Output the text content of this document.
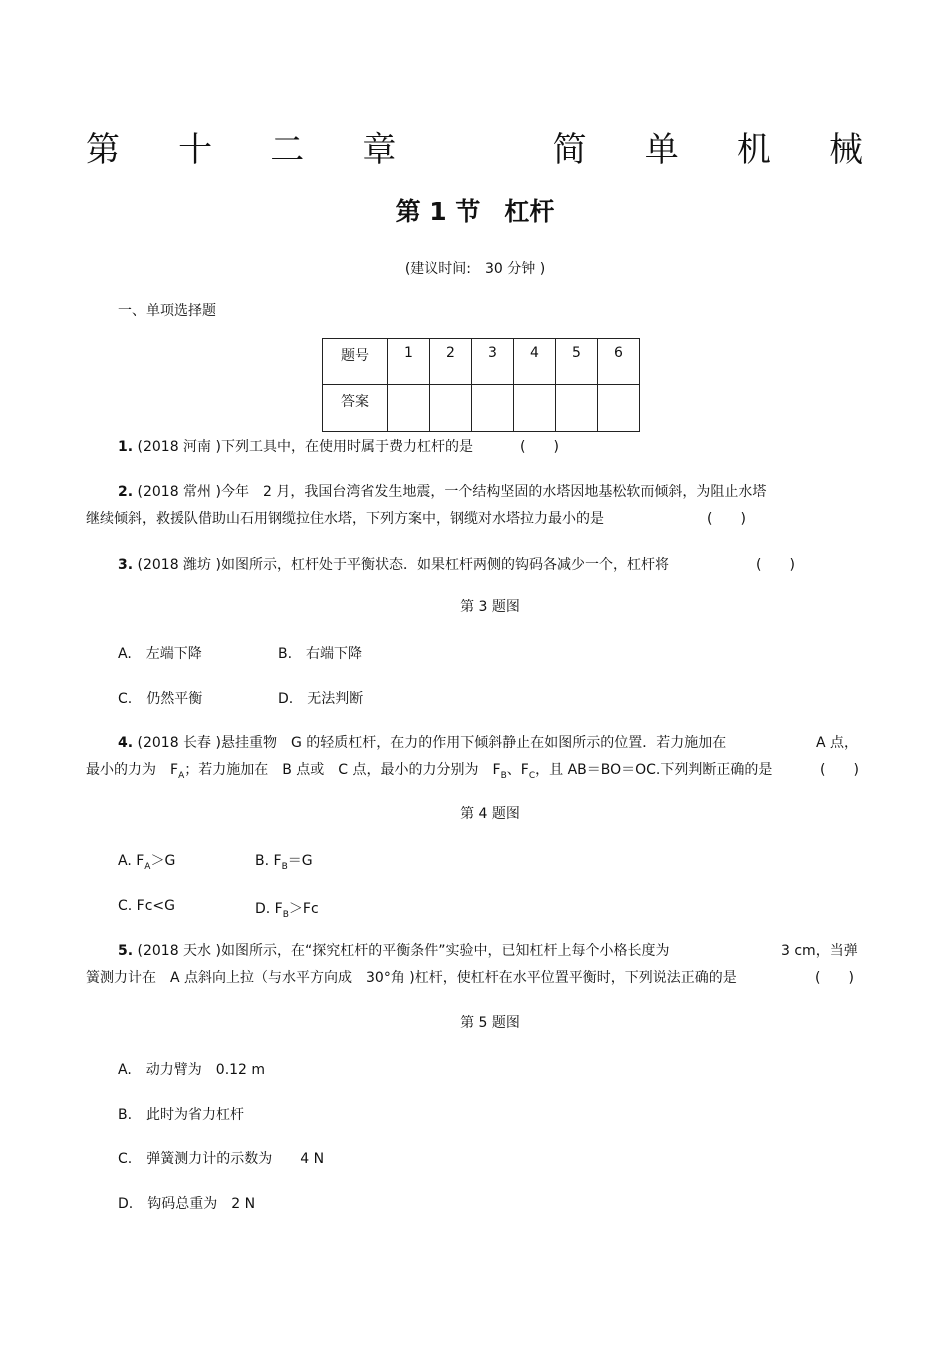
第 十 二 章	简 单 机 械
第 1 节 杠杆
(建议时间:　30 分钟 )
一、单项选择题
题号	1	2	3	4	5	6
答案						
1. (2018 河南 )下列工具中，在使用时属于费力杠杆的是	(　　)
2. (2018 常州 )今年　2 月，我国台湾省发生地震，一个结构坚固的水塔因地基松软而倾斜，为阻止水塔
继续倾斜，救援队借助山石用钢缆拉住水塔，下列方案中，钢缆对水塔拉力最小的是	(　　)
3. (2018 潍坊 )如图所示，杠杆处于平衡状态．如果杠杆两侧的钩码各减少一个，杠杆将	(　　)
第 3 题图
A.　左端下降	B.　右端下降
C.　仍然平衡	D.　无法判断
4. (2018 长春 )悬挂重物　G 的轻质杠杆，在力的作用下倾斜静止在如图所示的位置．若力施加在	A 点，
最小的力为　$F_A$；若力施加在　B 点或　C 点，最小的力分别为　$F_B$、$F_C$，且 AB＝BO＝OC.下列判断正确的是	(　　)
第 4 题图
A. $F_A>G$	B. $F_B=G$
C. Fc<G	D. $F_B>Fc$
5. (2018 天水 )如图所示，在“探究杠杆的平衡条件”实验中，已知杠杆上每个小格长度为	3 cm，当弹
簧测力计在　A 点斜向上拉（与水平方向成　30°角 )杠杆，使杠杆在水平位置平衡时，下列说法正确的是	(　　)
第 5 题图
A.　动力臂为　0.12 m
B.　此时为省力杠杆
C.　弹簧测力计的示数为　　4 N
D.　钩码总重为　2 N
